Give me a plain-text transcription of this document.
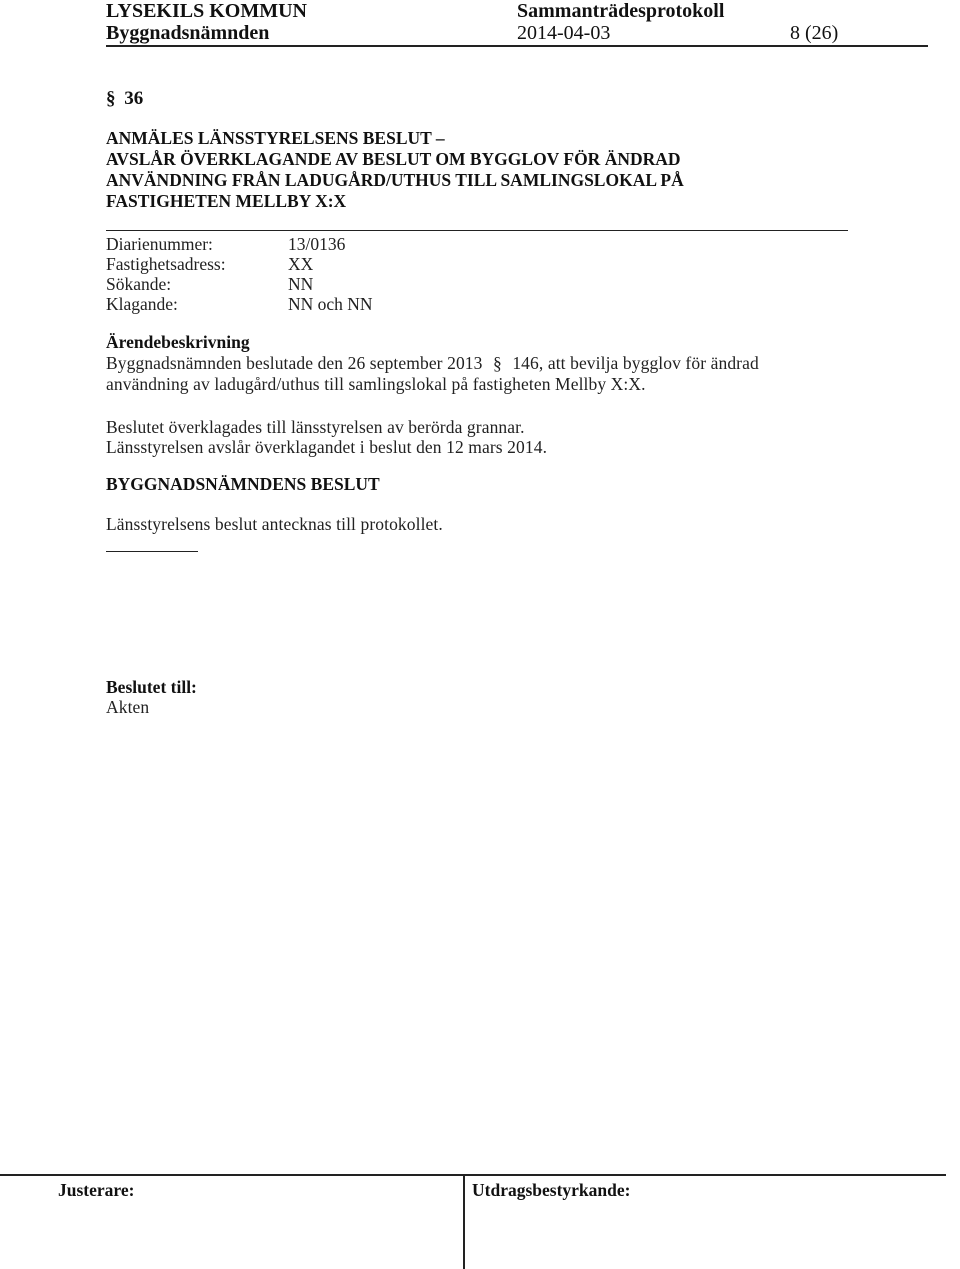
LYSEKILS KOMMUN	Sammanträdesprotokoll
Byggnadsnämnden	2014-04-03	8 (26)
§ 36
ANMÄLES LÄNSSTYRELSENS BESLUT –
AVSLÅR ÖVERKLAGANDE AV BESLUT OM BYGGLOV FÖR ÄNDRAD
ANVÄNDNING FRÅN LADUGÅRD/UTHUS TILL SAMLINGSLOKAL PÅ
FASTIGHETEN MELLBY X:X
Diarienummer:	13/0136
Fastighetsadress:	XX
Sökande:	NN
Klagande:	NN och NN
Ärendebeskrivning
Byggnadsnämnden beslutade den 26 september 2013 § 146, att bevilja bygglov för ändrad
användning av ladugård/uthus till samlingslokal på fastigheten Mellby X:X.
Beslutet överklagades till länsstyrelsen av berörda grannar.
Länsstyrelsen avslår överklagandet i beslut den 12 mars 2014.
BYGGNADSNÄMNDENS BESLUT
Länsstyrelsens beslut antecknas till protokollet.
Beslutet till:
Akten
Justerare:	Utdragsbestyrkande:
